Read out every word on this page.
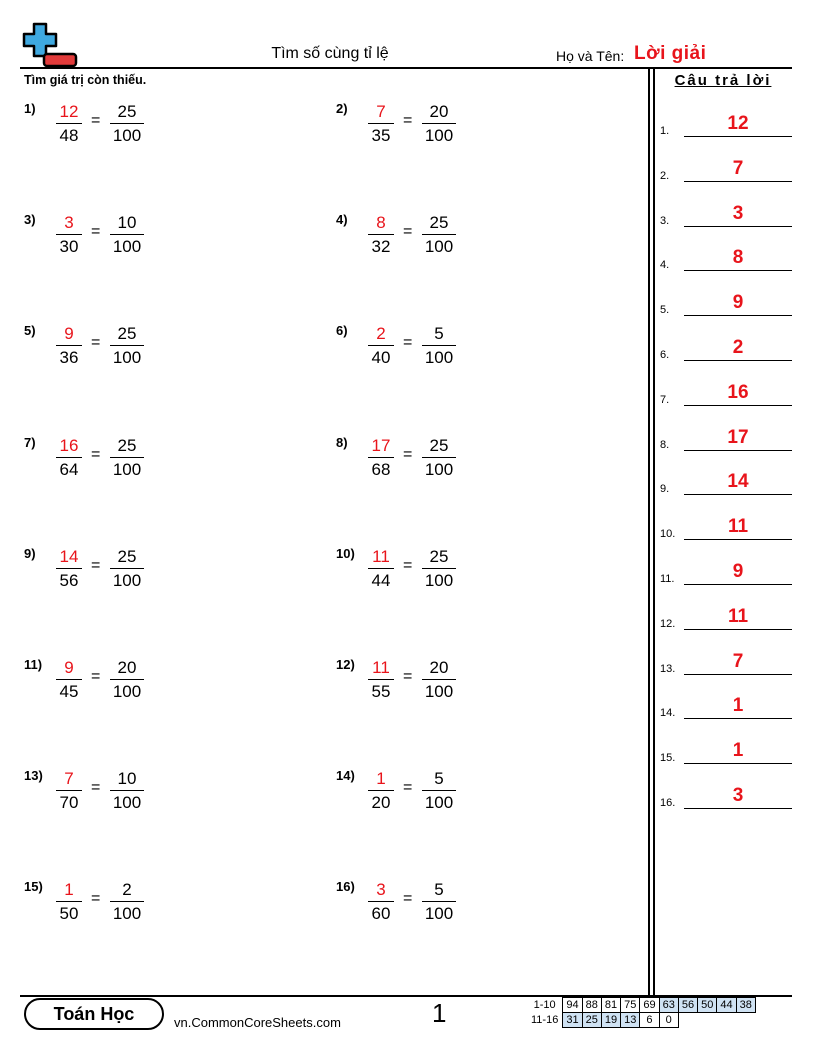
Tìm số cùng tỉ lệ	Họ và Tên: Lời giải
Tìm giá trị còn thiếu.	Câu trả lời
1) 12
48
=	25
100
2)	7
35
=	20
100
3)	3
30
=	10
100
4)	8
32
=	25
100
5)	9
36
=	25
100
6)	2
40
=	5
100
7) 16
64
=	25
100
8) 17
68
=	25
100
9) 14
56
=	25
100
10) 11
44
=	25
100
11)	9
45
=	20
100
12) 11
55
=	20
100
13)	7
70
=	10
100
14)	1
20
=	5
100
15)	1
50
=	2
100
16)	3
60
=	5
100
1.	12
2.	7
3.	3
4.	8
5.	9
6.	2
7.	16
8.	17
9.	14
10.	11
11.	9
12.	11
13.	7
14.	1
15.	1
16.	3
Toán Học	vn.CommonCoreSheets.com	1	1-10	94	88	81	75	69	63	56	50	44	38
11-16	31	25	19	13	6	0				
